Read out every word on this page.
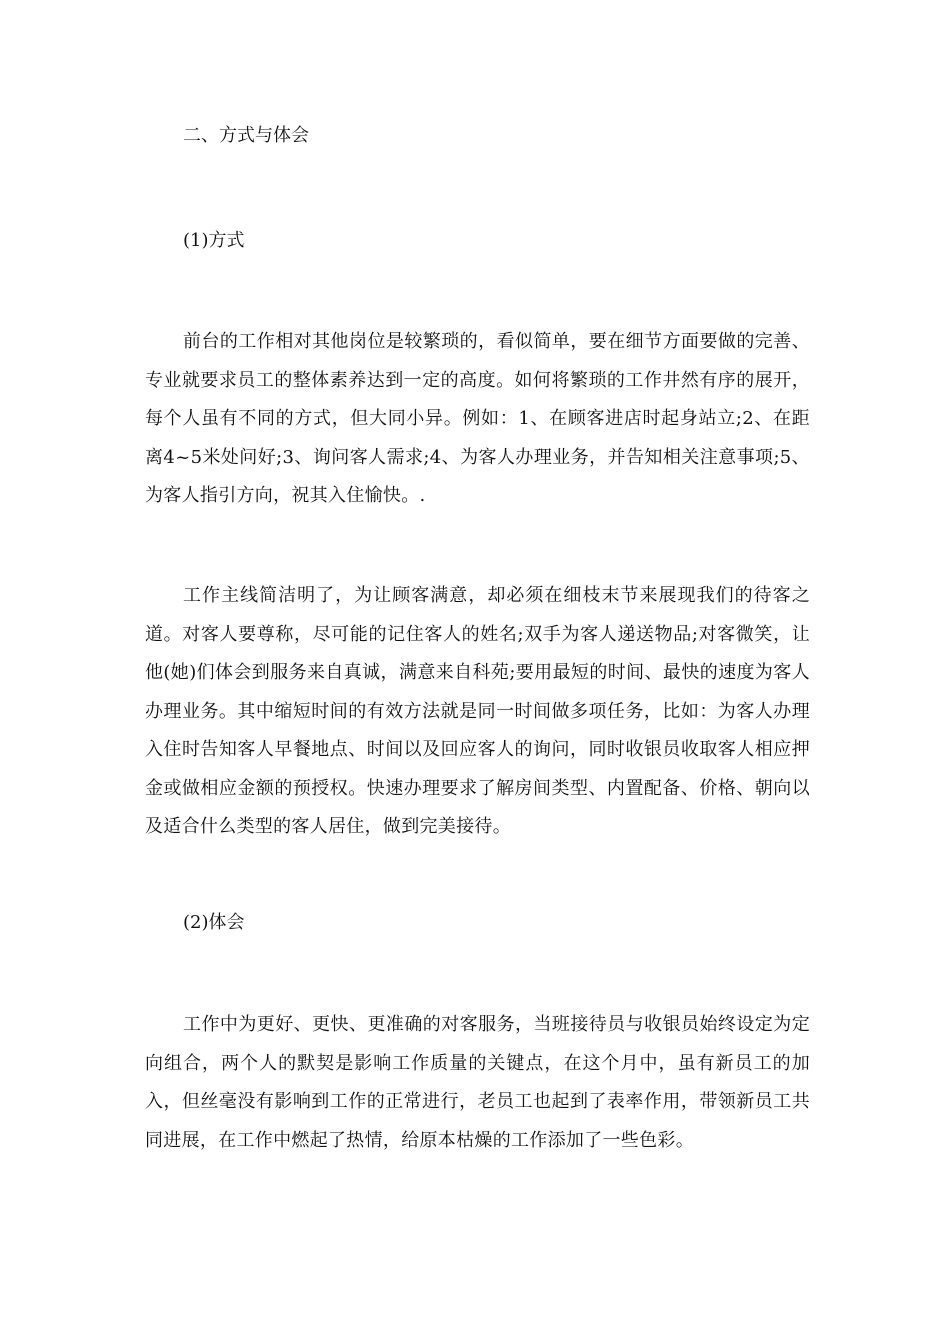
二、方式与体会
(1)方式

前台的工作相对其他岗位是较繁琐的，看似简单，要在细节方面要做的完善、专业就要求员工的整体素养达到一定的高度。如何将繁琐的工作井然有序的展开，每个人虽有不同的方式，但大同小异。例如：1、在顾客进店时起身站立;2、在距离4~5米处问好;3、询问客人需求;4、为客人办理业务，并告知相关注意事项;5、为客人指引方向，祝其入住愉快。.

工作主线简洁明了，为让顾客满意，却必须在细枝末节来展现我们的待客之道。对客人要尊称，尽可能的记住客人的姓名;双手为客人递送物品;对客微笑，让他(她)们体会到服务来自真诚，满意来自科苑;要用最短的时间、最快的速度为客人办理业务。其中缩短时间的有效方法就是同一时间做多项任务，比如：为客人办理入住时告知客人早餐地点、时间以及回应客人的询问，同时收银员收取客人相应押金或做相应金额的预授权。快速办理要求了解房间类型、内置配备、价格、朝向以及适合什么类型的客人居住，做到完美接待。

(2)体会

工作中为更好、更快、更准确的对客服务，当班接待员与收银员始终设定为定向组合，两个人的默契是影响工作质量的关键点，在这个月中，虽有新员工的加入，但丝毫没有影响到工作的正常进行，老员工也起到了表率作用，带领新员工共同进展，在工作中燃起了热情，给原本枯燥的工作添加了一些色彩。
